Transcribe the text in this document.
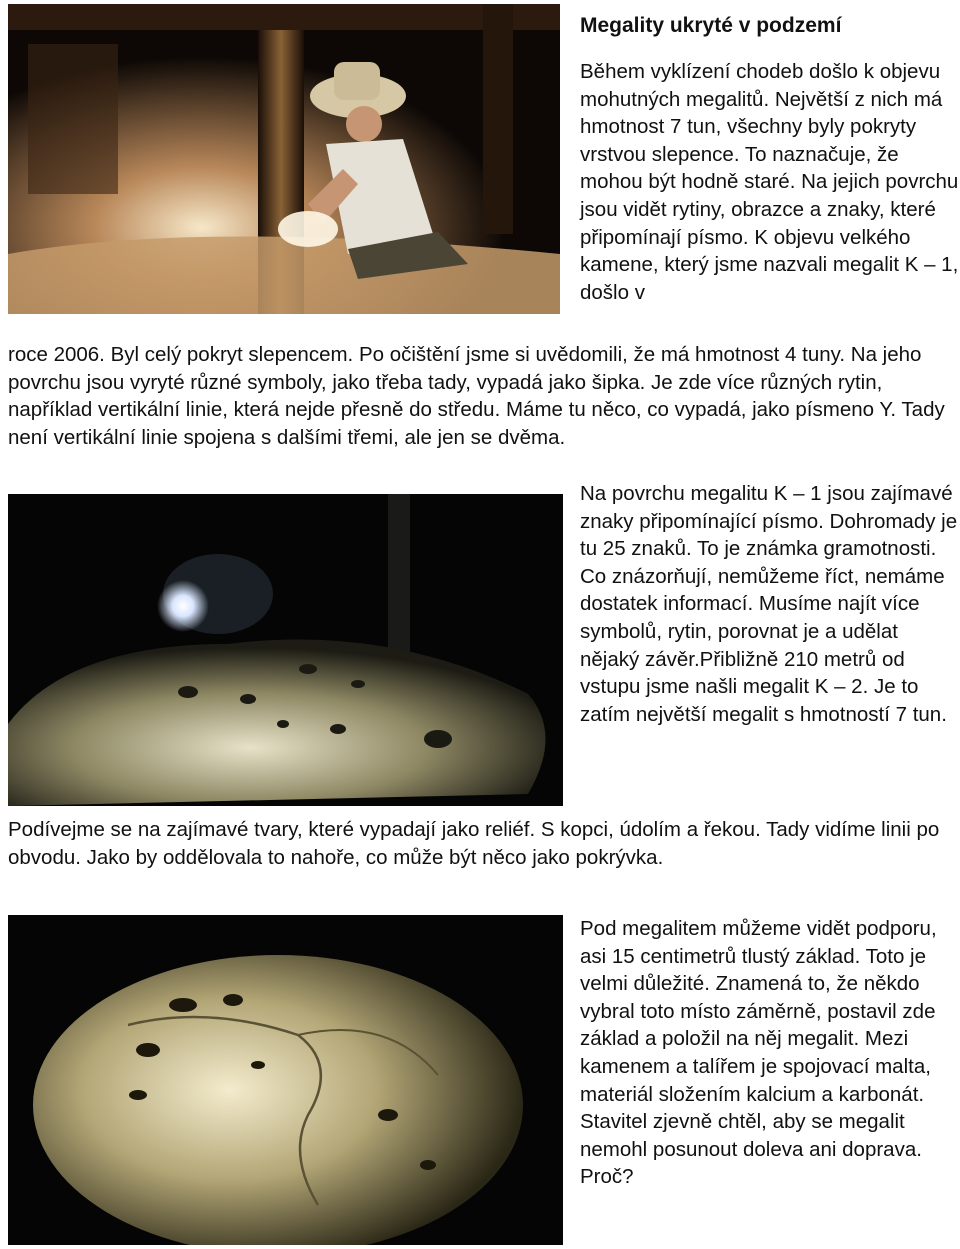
Megality ukryté v podzemí

Během vyklízení chodeb došlo k objevu mohutných megalitů. Největší z nich má hmotnost 7 tun, všechny byly pokryty vrstvou slepence. To naznačuje, že mohou být hodně staré. Na jejich povrchu jsou vidět rytiny, obrazce a znaky, které připomínají písmo. K objevu velkého kamene, který jsme nazvali megalit K – 1, došlo v

roce 2006. Byl celý pokryt slepencem. Po očištění jsme si uvědomili, že má hmotnost 4 tuny. Na jeho povrchu jsou vyryté různé symboly, jako třeba tady, vypadá jako šipka. Je zde více různých rytin, například vertikální linie, která nejde přesně do středu. Máme tu něco, co vypadá, jako písmeno Y. Tady není vertikální linie spojena s dalšími třemi, ale jen se dvěma.

Na povrchu megalitu K – 1 jsou zajímavé znaky připomínající písmo. Dohromady je tu 25 znaků. To je známka gramotnosti. Co znázorňují, nemůžeme říct, nemáme dostatek informací. Musíme najít více symbolů, rytin, porovnat je a udělat nějaký závěr.Přibližně 210 metrů od vstupu jsme našli megalit K – 2. Je to zatím největší megalit s hmotností 7 tun.

Podívejme se na zajímavé tvary, které vypadají jako reliéf. S kopci, údolím a řekou. Tady vidíme linii po obvodu. Jako by oddělovala to nahoře, co může být něco jako pokrývka.

Pod megalitem můžeme vidět podporu, asi 15 centimetrů tlustý základ. Toto je velmi důležité. Znamená to, že někdo vybral toto místo záměrně, postavil zde základ a položil na něj megalit. Mezi kamenem a talířem je spojovací malta, materiál složením kalcium a karbonát. Stavitel zjevně chtěl, aby se megalit nemohl posunout doleva ani doprava. Proč?
